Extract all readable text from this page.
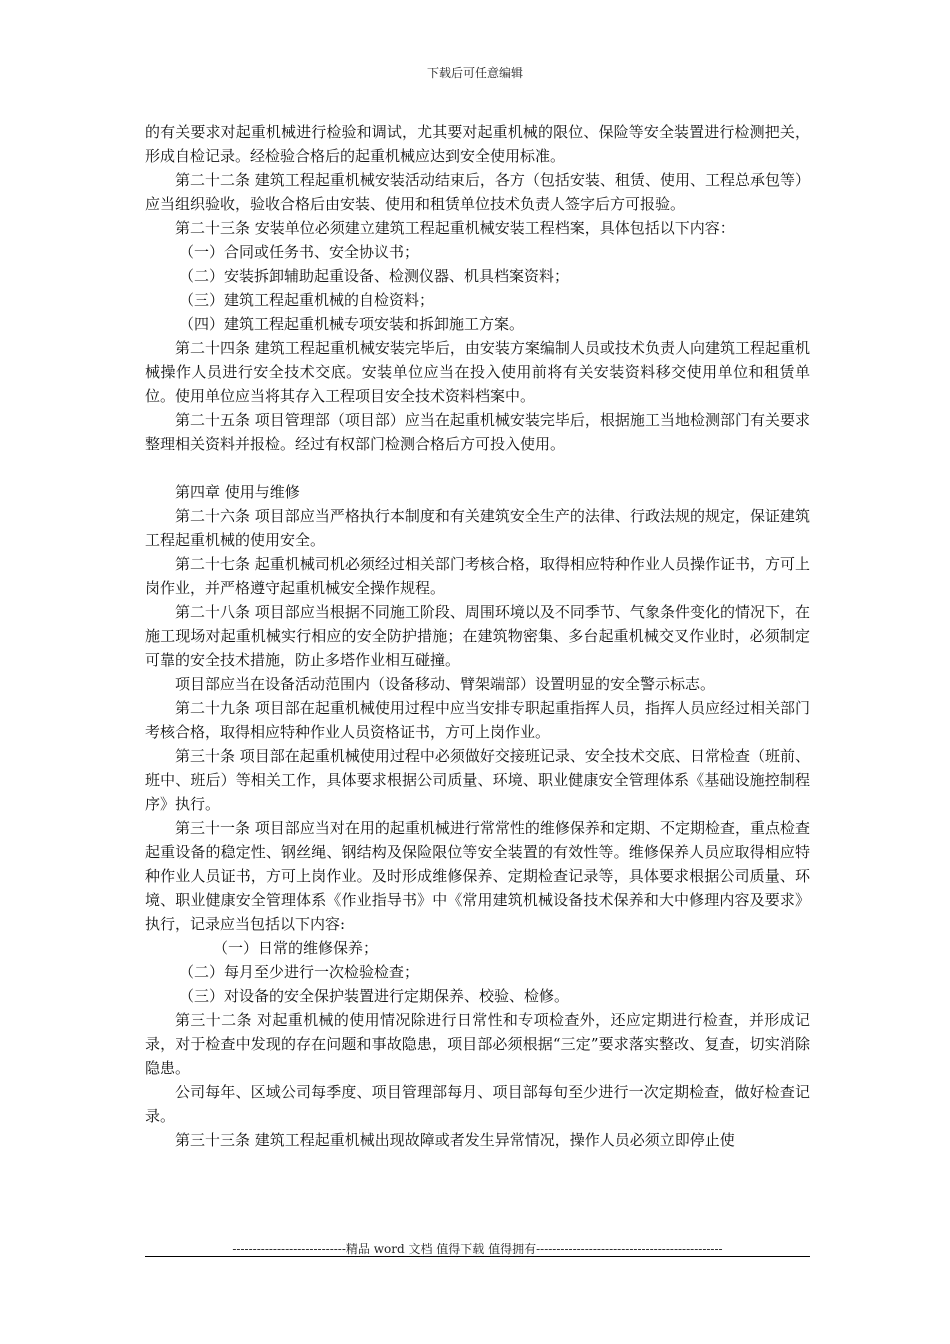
下载后可任意编辑

的有关要求对起重机械进行检验和调试，尤其要对起重机械的限位、保险等安全装置进行检测把关，形成自检记录。经检验合格后的起重机械应达到安全使用标准。

第二十二条 建筑工程起重机械安装活动结束后，各方（包括安装、租赁、使用、工程总承包等）应当组织验收，验收合格后由安装、使用和租赁单位技术负责人签字后方可报验。

第二十三条 安装单位必须建立建筑工程起重机械安装工程档案，具体包括以下内容：

（一）合同或任务书、安全协议书；

（二）安装拆卸辅助起重设备、检测仪器、机具档案资料；

（三）建筑工程起重机械的自检资料；

（四）建筑工程起重机械专项安装和拆卸施工方案。

第二十四条 建筑工程起重机械安装完毕后，由安装方案编制人员或技术负责人向建筑工程起重机械操作人员进行安全技术交底。安装单位应当在投入使用前将有关安装资料移交使用单位和租赁单位。使用单位应当将其存入工程项目安全技术资料档案中。

第二十五条 项目管理部（项目部）应当在起重机械安装完毕后，根据施工当地检测部门有关要求整理相关资料并报检。经过有权部门检测合格后方可投入使用。

第四章 使用与维修

第二十六条 项目部应当严格执行本制度和有关建筑安全生产的法律、行政法规的规定，保证建筑工程起重机械的使用安全。

第二十七条 起重机械司机必须经过相关部门考核合格，取得相应特种作业人员操作证书，方可上岗作业，并严格遵守起重机械安全操作规程。

第二十八条 项目部应当根据不同施工阶段、周围环境以及不同季节、气象条件变化的情况下，在施工现场对起重机械实行相应的安全防护措施；在建筑物密集、多台起重机械交叉作业时，必须制定可靠的安全技术措施，防止多塔作业相互碰撞。

项目部应当在设备活动范围内（设备移动、臂架端部）设置明显的安全警示标志。

第二十九条 项目部在起重机械使用过程中应当安排专职起重指挥人员，指挥人员应经过相关部门考核合格，取得相应特种作业人员资格证书，方可上岗作业。

第三十条 项目部在起重机械使用过程中必须做好交接班记录、安全技术交底、日常检查（班前、班中、班后）等相关工作，具体要求根据公司质量、环境、职业健康安全管理体系《基础设施控制程序》执行。

第三十一条 项目部应当对在用的起重机械进行常常性的维修保养和定期、不定期检查，重点检查起重设备的稳定性、钢丝绳、钢结构及保险限位等安全装置的有效性等。维修保养人员应取得相应特种作业人员证书，方可上岗作业。及时形成维修保养、定期检查记录等，具体要求根据公司质量、环境、职业健康安全管理体系《作业指导书》中《常用建筑机械设备技术保养和大中修理内容及要求》执行，记录应当包括以下内容:

（一）日常的维修保养；

（二）每月至少进行一次检验检查；

（三）对设备的安全保护装置进行定期保养、校验、检修。

第三十二条 对起重机械的使用情况除进行日常性和专项检查外，还应定期进行检查，并形成记录，对于检查中发现的存在问题和事故隐患，项目部必须根据“三定”要求落实整改、复查，切实消除隐患。

公司每年、区域公司每季度、项目管理部每月、项目部每旬至少进行一次定期检查，做好检查记录。

第三十三条 建筑工程起重机械出现故障或者发生异常情况，操作人员必须立即停止使

----------------------------精品 word 文档 值得下载 值得拥有----------------------------------------------
